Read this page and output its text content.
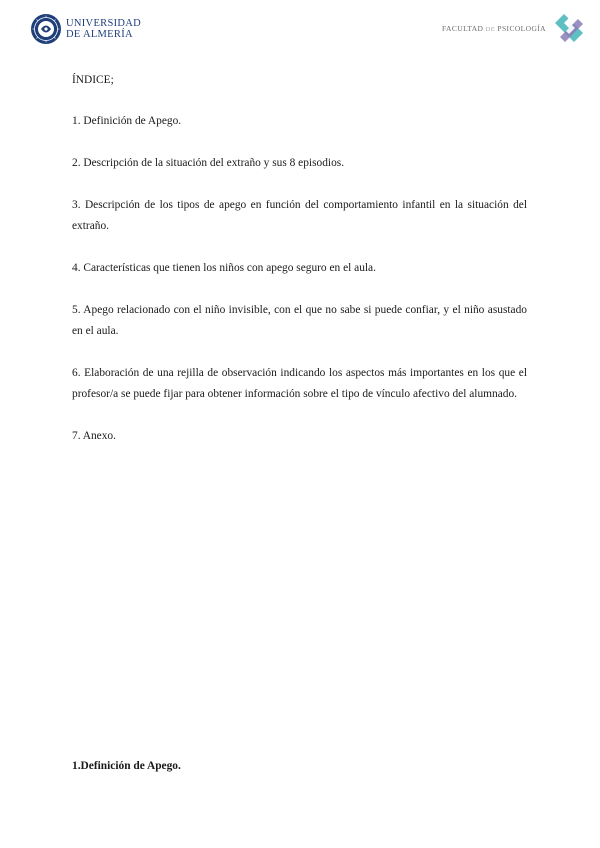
UNIVERSIDAD
DE ALMERÍA
FACULTAD DE PSICOLOGÍA

ÍNDICE;

1. Definición de Apego.

2. Descripción de la situación del extraño y sus 8 episodios.

3. Descripción de los tipos de apego en función del comportamiento infantil en la situación del extraño.

4. Características que tienen los niños con apego seguro en el aula.

5. Apego relacionado con el niño invisible, con el que no sabe si puede confiar, y el niño asustado en el aula.

6. Elaboración de una rejilla de observación indicando los aspectos más importantes en los que el profesor/a se puede fijar para obtener información sobre el tipo de vínculo afectivo del alumnado.

7. Anexo.

1.Definición de Apego.
